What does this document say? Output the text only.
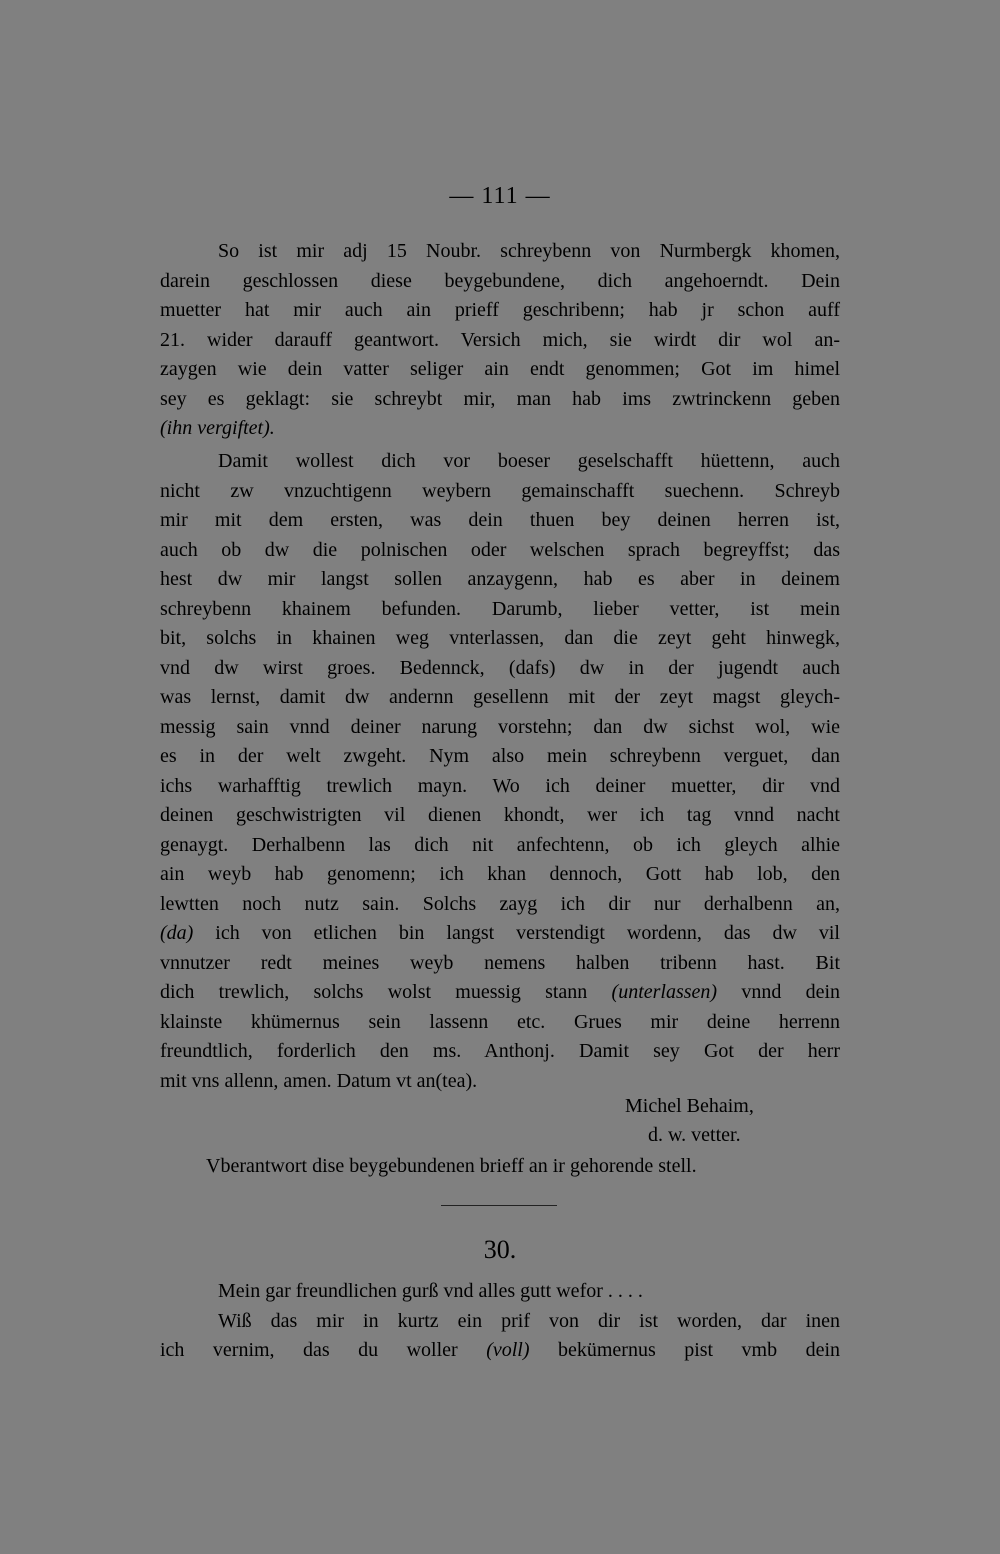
— 111 —
So ist mir adj 15 Noubr. schreybenn von Nurmbergk khomen,
darein geschlossen diese beygebundene, dich angehoerndt. Dein
muetter hat mir auch ain prieff geschribenn; hab jr schon auff
21. wider darauff geantwort. Versich mich, sie wirdt dir wol an-
zaygen wie dein vatter seliger ain endt genommen; Got im himel
sey es geklagt: sie schreybt mir, man hab ims zwtrinckenn geben
(ihn vergiftet).
Damit wollest dich vor boeser geselschafft hüettenn, auch
nicht zw vnzuchtigenn weybern gemainschafft suechenn. Schreyb
mir mit dem ersten, was dein thuen bey deinen herren ist,
auch ob dw die polnischen oder welschen sprach begreyffst; das
hest dw mir langst sollen anzaygenn, hab es aber in deinem
schreybenn khainem befunden. Darumb, lieber vetter, ist mein
bit, solchs in khainen weg vnterlassen, dan die zeyt geht hinwegk,
vnd dw wirst groes. Bedennck, (dafs) dw in der jugendt auch
was lernst, damit dw andernn gesellenn mit der zeyt magst gleych-
messig sain vnnd deiner narung vorstehn; dan dw sichst wol, wie
es in der welt zwgeht. Nym also mein schreybenn verguet, dan
ichs warhafftig trewlich mayn. Wo ich deiner muetter, dir vnd
deinen geschwistrigten vil dienen khondt, wer ich tag vnnd nacht
genaygt. Derhalbenn las dich nit anfechtenn, ob ich gleych alhie
ain weyb hab genomenn; ich khan dennoch, Gott hab lob, den
lewtten noch nutz sain. Solchs zayg ich dir nur derhalbenn an,
(da) ich von etlichen bin langst verstendigt wordenn, das dw vil
vnnutzer redt meines weyb nemens halben tribenn hast. Bit
dich trewlich, solchs wolst muessig stann (unterlassen) vnnd dein
klainste khümernus sein lassenn etc. Grues mir deine herrenn
freundtlich, forderlich den ms. Anthonj. Damit sey Got der herr
mit vns allenn, amen. Datum vt an(tea).
Michel Behaim,
d. w. vetter.
Vberantwort dise beygebundenen brieff an ir gehorende stell.
30.
Mein gar freundlichen gurß vnd alles gutt wefor . . . .
Wiß das mir in kurtz ein prif von dir ist worden, dar inen
ich vernim, das du woller (voll) bekümernus pist vmb dein
